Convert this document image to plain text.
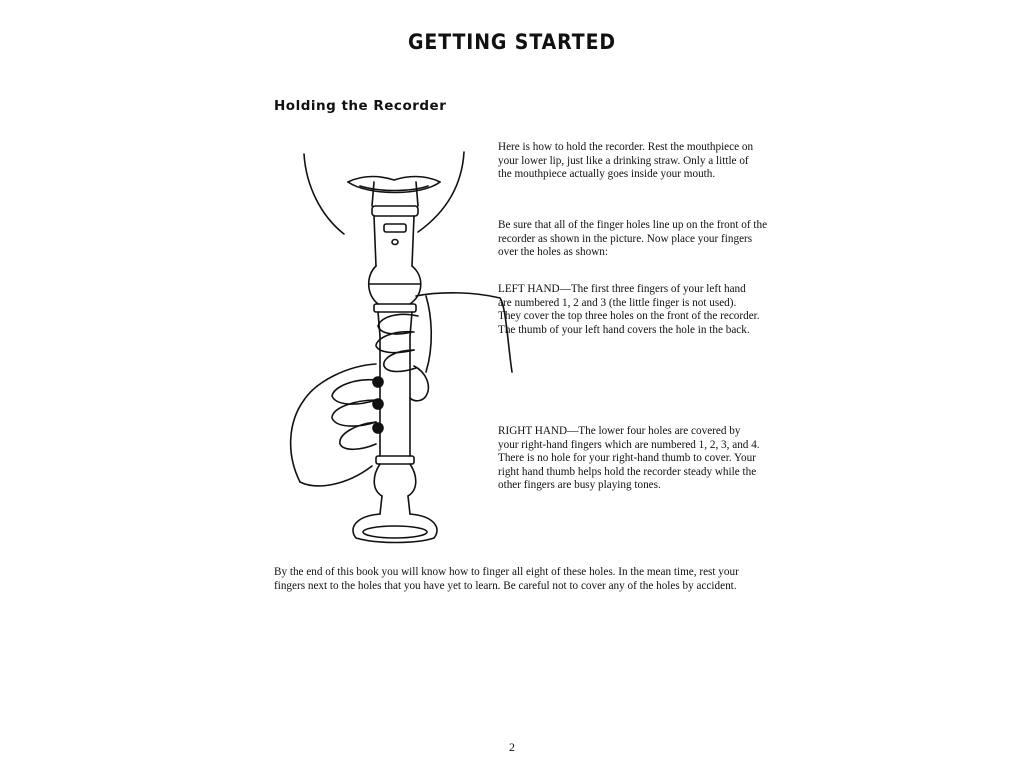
GETTING STARTED
Holding the Recorder

Here is how to hold the recorder. Rest the mouthpiece on your lower lip, just like a drinking straw. Only a little of the mouthpiece actually goes inside your mouth.

Be sure that all of the finger holes line up on the front of the recorder as shown in the picture. Now place your fingers over the holes as shown:

LEFT HAND—The first three fingers of your left hand are numbered 1, 2 and 3 (the little finger is not used). They cover the top three holes on the front of the recorder. The thumb of your left hand covers the hole in the back.

RIGHT HAND—The lower four holes are covered by your right-hand fingers which are numbered 1, 2, 3, and 4. There is no hole for your right-hand thumb to cover. Your right hand thumb helps hold the recorder steady while the other fingers are busy playing tones.

By the end of this book you will know how to finger all eight of these holes. In the mean time, rest your fingers next to the holes that you have yet to learn. Be careful not to cover any of the holes by accident.

2
